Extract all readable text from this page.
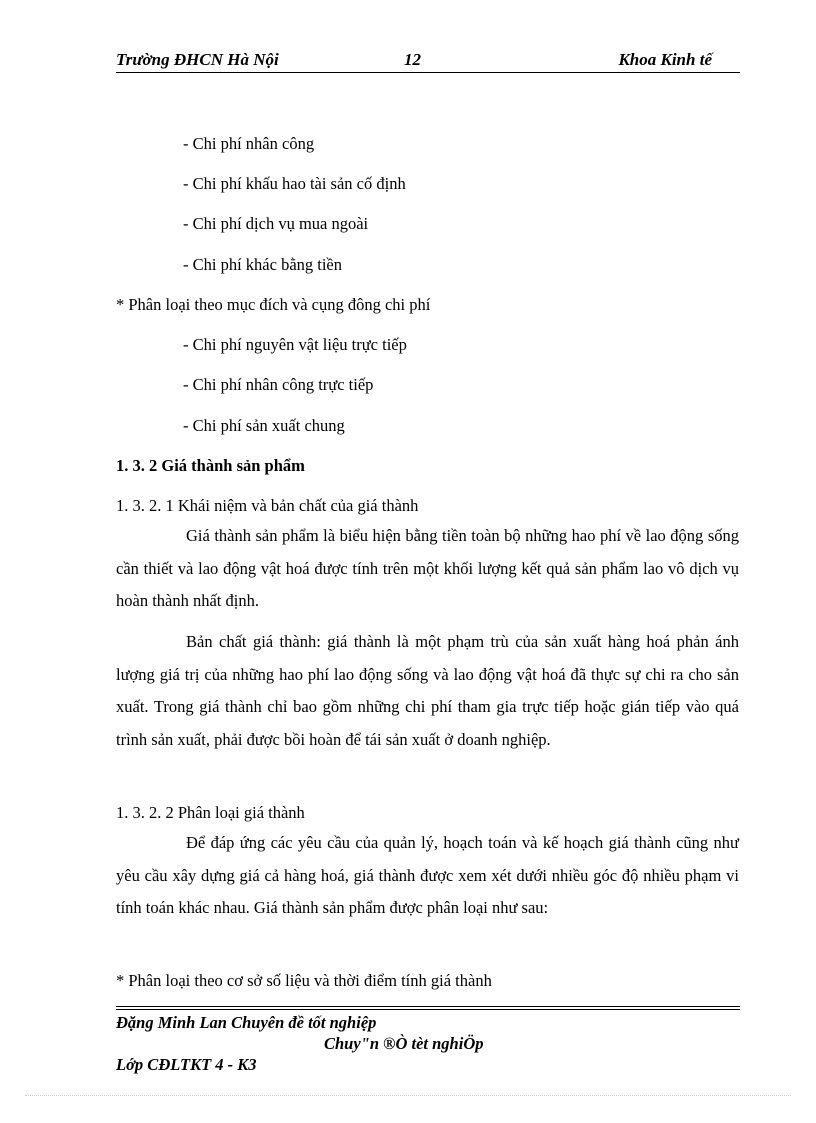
Trường ĐHCN Hà Nội	12	Khoa Kinh tế
- Chi phí nhân công
- Chi phí khấu hao tài sản cố định
- Chi phí dịch vụ mua ngoài
- Chi phí khác bằng tiền
* Phân loại theo mục đích và cụng đông chi phí
- Chi phí nguyên vật liệu trực tiếp
- Chi phí nhân công trực tiếp
- Chi phí sản xuất chung
1. 3. 2 Giá thành sản phẩm
1. 3. 2. 1 Khái niệm và bản chất của giá thành
Giá thành sản phẩm là biểu hiện bằng tiền toàn bộ những hao phí về lao động sống cần thiết và lao động vật hoá được tính trên một khối lượng kết quả sản phẩm lao vô dịch vụ hoàn thành nhất định.
Bản chất giá thành: giá thành là một phạm trù của sản xuất hàng hoá phản ánh lượng giá trị của những hao phí lao động sống và lao động vật hoá đã thực sự chi ra cho sản xuất. Trong giá thành chỉ bao gồm những chi phí tham gia trực tiếp hoặc gián tiếp vào quá trình sản xuất, phải được bồi hoàn để tái sản xuất ở doanh nghiệp.
1. 3. 2. 2 Phân loại giá thành
Để đáp ứng các yêu cầu của quản lý, hoạch toán và kế hoạch giá thành cũng như yêu cầu xây dựng giá cả hàng hoá, giá thành được xem xét dưới nhiều góc độ nhiều phạm vi tính toán khác nhau. Giá thành sản phẩm được phân loại như sau:
* Phân loại theo cơ sở số liệu và thời điểm tính giá thành
Đặng Minh Lan Chuyên đề tốt nghiệp
Chuy"n ®Ò tèt nghiÖp
Lớp CĐLTKT 4 - K3
